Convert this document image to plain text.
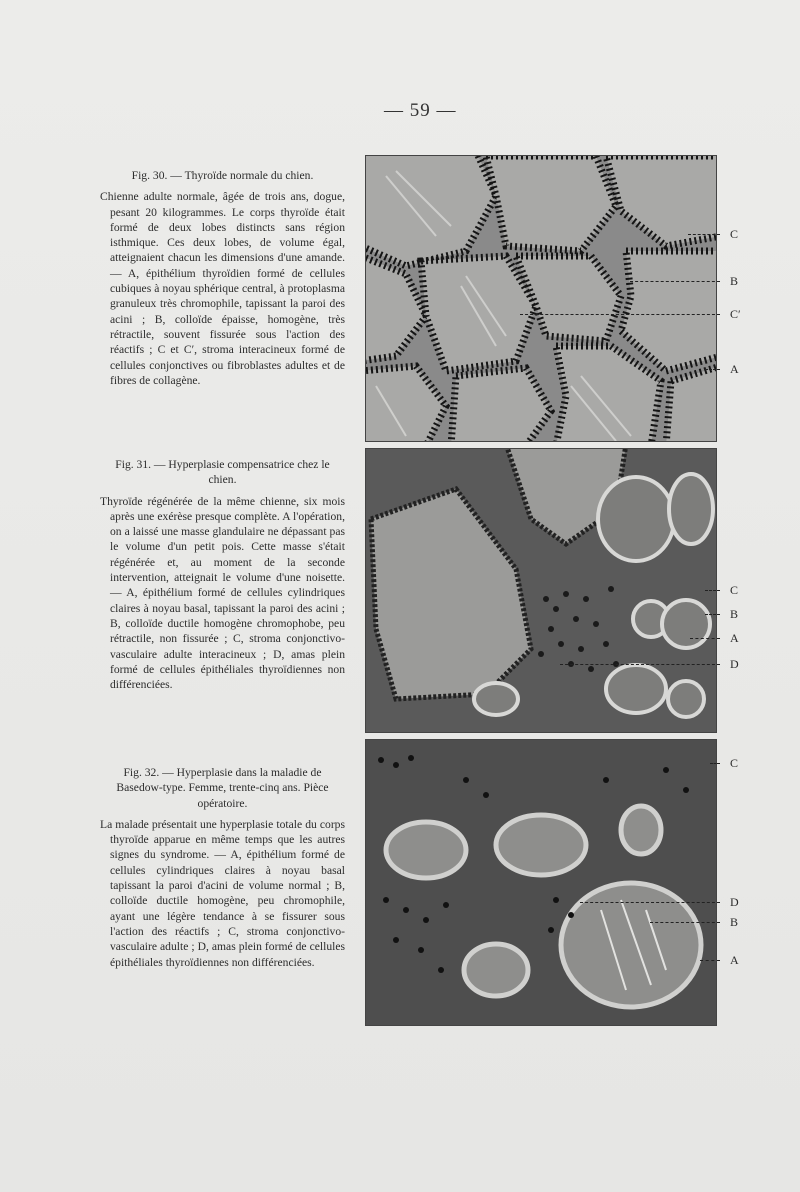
— 59 —

Fig. 30. — Thyroïde normale du chien.

Chienne adulte normale, âgée de trois ans, dogue, pesant 20 kilogrammes. Le corps thyroïde était formé de deux lobes distincts sans région isthmique. Ces deux lobes, de volume égal, atteignaient chacun les dimensions d'une amande. — A, épithélium thyroïdien formé de cellules cubiques à noyau sphérique central, à protoplasma granuleux très chromophile, tapissant la paroi des acini ; B, colloïde épaisse, homogène, très rétractile, souvent fissurée sous l'action des réactifs ; C et C′, stroma interacineux formé de cellules conjonctives ou fibroblastes adultes et de fibres de collagène.

Fig. 31. — Hyperplasie compensatrice chez le chien.

Thyroïde régénérée de la même chienne, six mois après une exérèse presque complète. A l'opération, on a laissé une masse glandulaire ne dépassant pas le volume d'un petit pois. Cette masse s'était régénérée et, au moment de la seconde intervention, atteignait le volume d'une noisette. — A, épithélium formé de cellules cylindriques claires à noyau basal, tapissant la paroi des acini ; B, colloïde ductile homogène chromophobe, peu rétractile, non fissurée ; C, stroma conjonctivo-vasculaire adulte interacineux ; D, amas plein formé de cellules épithéliales thyroïdiennes non différenciées.

Fig. 32. — Hyperplasie dans la maladie de Basedow-type. Femme, trente-cinq ans. Pièce opératoire.

La malade présentait une hyperplasie totale du corps thyroïde apparue en même temps que les autres signes du syndrome. — A, épithélium formé de cellules cylindriques claires à noyau basal tapissant la paroi d'acini de volume normal ; B, colloïde ductile homogène, peu chromophile, ayant une légère tendance à se fissurer sous l'action des réactifs ; C, stroma conjonctivo-vasculaire adulte ; D, amas plein formé de cellules épithéliales thyroïdiennes non différenciées.

C
B
C′
A
C
B
A
D
C
D
B
A
